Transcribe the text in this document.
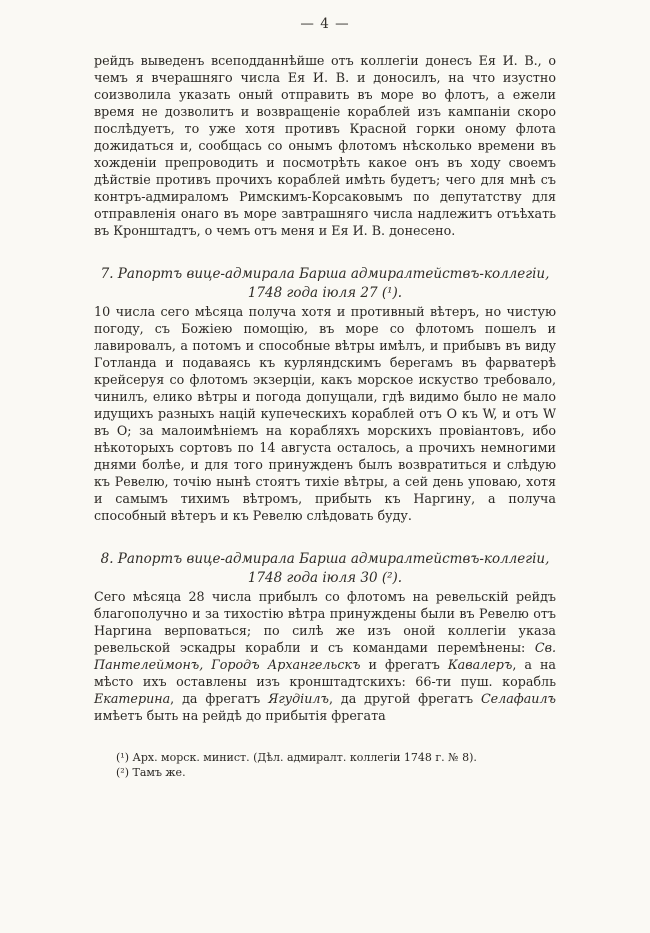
— 4 —

рейдъ выведенъ всеподданнѣйше отъ коллегіи донесъ Ея И. В., о чемъ я вчерашняго числа Ея И. В. и доносилъ, на что изустно соизволила указать оный отправить въ море во флотъ, а ежели время не дозволитъ и возвращеніе кораблей изъ кампаніи скоро послѣдуетъ, то уже хотя противъ Красной горки оному флота дожидаться и, сообщась со онымъ флотомъ нѣсколько времени въ хожденіи препроводить и посмотрѣть какое онъ въ ходу своемъ дѣйствіе противъ прочихъ кораблей имѣть будетъ; чего для мнѣ съ контръ-адмираломъ Римскимъ-Корсаковымъ по депутатству для отправленія онаго въ море завтрашняго числа надлежитъ отъѣхать въ Кронштадтъ, о чемъ отъ меня и Ея И. В. донесено.

7. Рапортъ вице-адмирала Барша адмиралтействъ-коллегіи,
1748 года іюля 27 (¹).

10 числа сего мѣсяца получа хотя и противный вѣтеръ, но чистую погоду, съ Божіею помощію, въ море со флотомъ пошелъ и лавировалъ, а потомъ и способные вѣтры имѣлъ, и прибывъ въ виду Готланда и подаваясь къ курляндскимъ берегамъ въ фарватерѣ крейсеруя со флотомъ экзерціи, какъ морское искуство требовало, чинилъ, елико вѣтры и погода допущали, гдѣ видимо было не мало идущихъ разныхъ націй купеческихъ кораблей отъ O къ W, и отъ W въ O; за малоимѣніемъ на корабляхъ морскихъ провіантовъ, ибо нѣкоторыхъ сортовъ по 14 августа осталось, а прочихъ немногими днями болѣе, и для того принужденъ былъ возвратиться и слѣдую къ Ревелю, точію нынѣ стоятъ тихіе вѣтры, а сей день уповаю, хотя и самымъ тихимъ вѣтромъ, прибыть къ Наргину, а получа способный вѣтеръ и къ Ревелю слѣдовать буду.

8. Рапортъ вице-адмирала Барша адмиралтействъ-коллегіи,
1748 года іюля 30 (²).

Сего мѣсяца 28 числа прибылъ со флотомъ на ревельскій рейдъ благополучно и за тихостію вѣтра принуждены были въ Ревелю отъ Наргина верповаться; по силѣ же изъ оной коллегіи указа ревельской эскадры корабли и съ командами перемѣнены: Св. Пантелеймонъ, Городъ Архангельскъ и фрегатъ Кавалеръ, а на мѣсто ихъ оставлены изъ кронштадтскихъ: 66-ти пуш. корабль Екатерина, да фрегатъ Ягудіилъ, да другой фрегатъ Селафаилъ имѣетъ быть на рейдѣ до прибытія фрегата

(¹) Арх. морск. минист. (Дѣл. адмиралт. коллегіи 1748 г. № 8).

(²) Тамъ же.
